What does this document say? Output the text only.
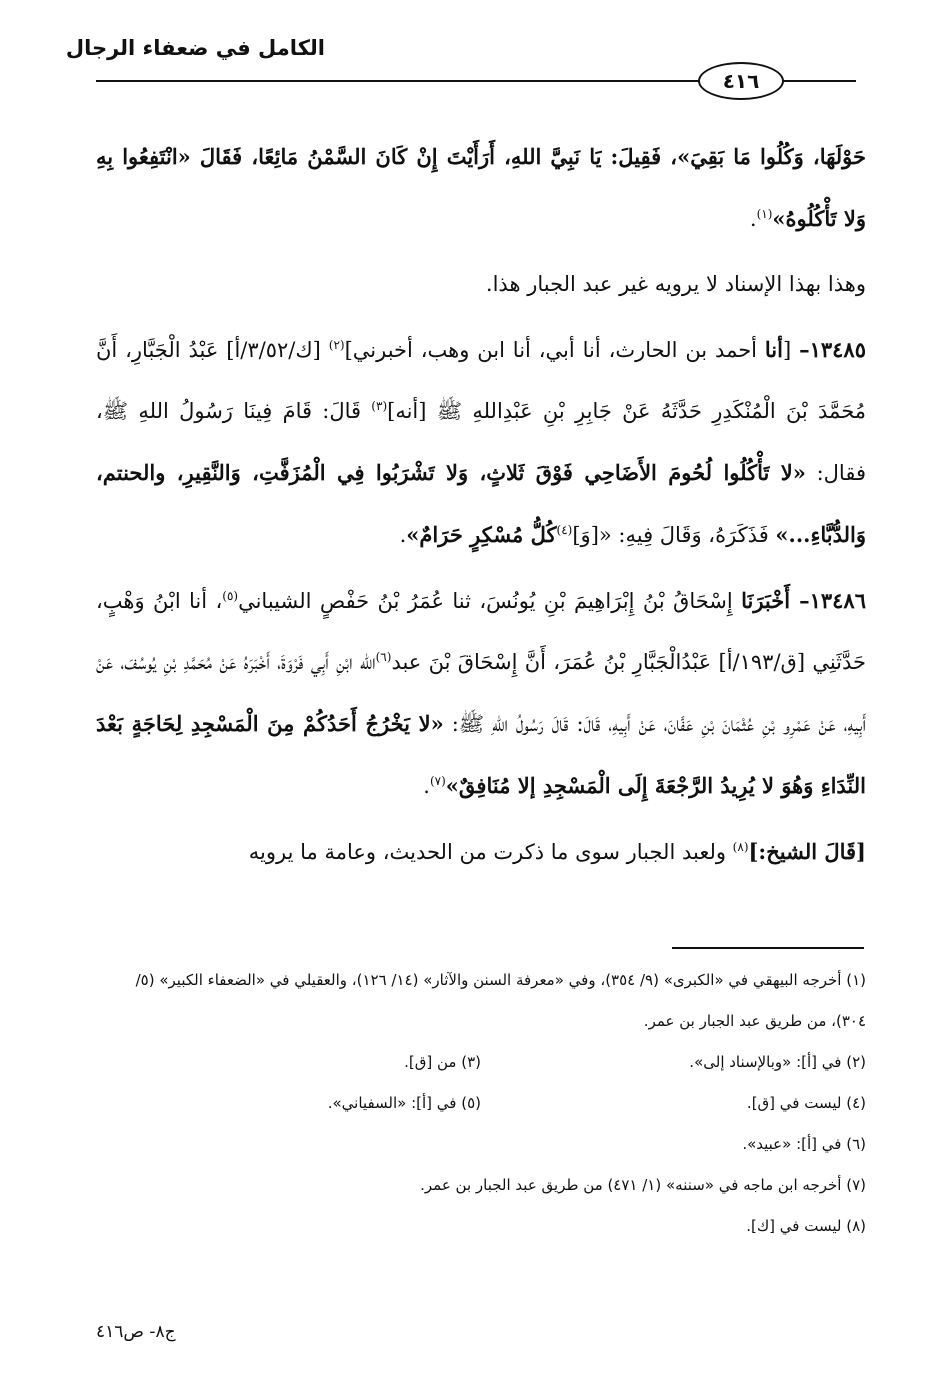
الكامل في ضعفاء الرجال
٤١٦

حَوْلَهَا، وَكُلُوا مَا بَقِيَ»، فَقِيلَ: يَا نَبِيَّ اللهِ، أَرَأَيْتَ إِنْ كَانَ السَّمْنُ مَائِعًا، فَقَالَ «انْتَفِعُوا بِهِ وَلا تَأْكُلُوهُ»$^{(١)}$.

وهذا بهذا الإسناد لا يرويه غير عبد الجبار هذا.

١٣٤٨٥– [أنا أحمد بن الحارث، أنا أبي، أنا ابن وهب، أخبرني]$^{(٢)}$ [ك/٣/٥٢/أ] عَبْدُ الْجَبَّارِ، أَنَّ مُحَمَّدَ بْنَ الْمُنْكَدِرِ حَدَّثَهُ عَنْ جَابِرِ بْنِ عَبْدِاللهِ ﷺ [أنه]$^{(٣)}$ قَالَ: قَامَ فِينَا رَسُولُ اللهِ ﷺ، فقال: «لا تَأْكُلُوا لُحُومَ الأَضَاحِي فَوْقَ ثَلاثٍ، وَلا تَشْرَبُوا فِي الْمُزَفَّتِ، وَالنَّقِيرِ، والحنتم، وَالدُّبَّاءِ...» فَذَكَرَهُ، وَقَالَ فِيهِ: «[وَ]$^{(٤)}$كُلُّ مُسْكِرٍ حَرَامٌ».

١٣٤٨٦– أَخْبَرَنَا إِسْحَاقُ بْنُ إِبْرَاهِيمَ بْنِ يُونُسَ، ثنا عُمَرُ بْنُ حَفْصٍ الشيباني$^{(٥)}$، أنا ابْنُ وَهْبٍ، حَدَّثَنِي [ق/١٩٣/أ] عَبْدُالْجَبَّارِ بْنُ عُمَرَ، أَنَّ إِسْحَاقَ بْنَ عبد$^{(٦)}$الله ابْنِ أَبِي فَرْوَةَ، أَخْبَرَهُ عَنْ مُحَمَّدِ بْنِ يُوسُفَ، عَنْ أَبِيهِ، عَنْ عَمْرِو بْنِ عُثْمَانَ بْنِ عَفَّانَ، عَنْ أَبِيهِ، قَالَ: قَالَ رَسُولُ اللهِ ﷺ: «لا يَخْرُجُ أَحَدُكُمْ مِنَ الْمَسْجِدِ لِحَاجَةٍ بَعْدَ النِّدَاءِ وَهُوَ لا يُرِيدُ الرَّجْعَةَ إِلَى الْمَسْجِدِ إلا مُنَافِقٌ»$^{(٧)}$.

[قَالَ الشيخ:]$^{(٨)}$ ولعبد الجبار سوى ما ذكرت من الحديث، وعامة ما يرويه

(١) أخرجه البيهقي في «الكبرى» (٩/ ٣٥٤)، وفي «معرفة السنن والآثار» (١٤/ ١٢٦)، والعقيلي في «الضعفاء الكبير» (٥/ ٣٠٤)، من طريق عبد الجبار بن عمر.

(٢) في [أ]: «وبالإسناد إلى».

(٣) من [ق].

(٤) ليست في [ق].

(٥) في [أ]: «السفياني».

(٦) في [أ]: «عبيد».

(٧) أخرجه ابن ماجه في «سننه» (١/ ٤٧١) من طريق عبد الجبار بن عمر.

(٨) ليست في [ك].

ج٨- ص٤١٦
